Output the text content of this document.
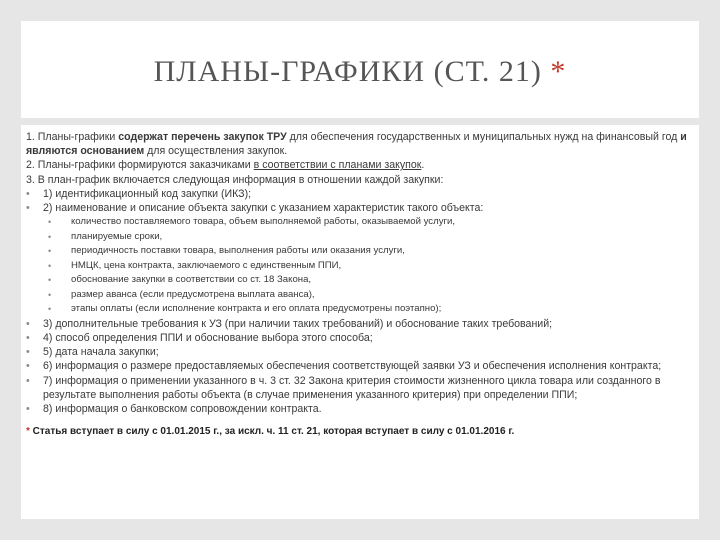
ПЛАНЫ-ГРАФИКИ (СТ. 21) *

1. Планы-графики содержат перечень закупок ТРУ для обеспечения государственных и муниципальных нужд на финансовый год и являются основанием для осуществления закупок.

2. Планы-графики формируются заказчиками в соответствии с планами закупок.

3. В план-график включается следующая информация в отношении каждой закупки:

• 1) идентификационный код закупки (ИКЗ);
• 2) наименование и описание объекта закупки с указанием характеристик такого объекта:
• количество поставляемого товара, объем выполняемой работы, оказываемой услуги,
• планируемые сроки,
• периодичность поставки товара, выполнения работы или оказания услуги,
• НМЦК, цена контракта, заключаемого с единственным ППИ,
• обоснование закупки в соответствии со ст. 18 Закона,
• размер аванса (если предусмотрена выплата аванса),
• этапы оплаты (если исполнение контракта и его оплата предусмотрены поэтапно);
• 3) дополнительные требования к УЗ (при наличии таких требований) и обоснование таких требований;
• 4) способ определения ППИ и обоснование выбора этого способа;
• 5) дата начала закупки;
• 6) информация о размере предоставляемых обеспечения соответствующей заявки УЗ и обеспечения исполнения контракта;
• 7) информация о применении указанного в ч. 3 ст. 32 Закона критерия стоимости жизненного цикла товара или созданного в результате выполнения работы объекта (в случае применения указанного критерия) при определении ППИ;
• 8) информация о банковском сопровождении контракта.
* Статья вступает в силу с 01.01.2015 г., за искл. ч. 11 ст. 21, которая вступает в силу с 01.01.2016 г.
